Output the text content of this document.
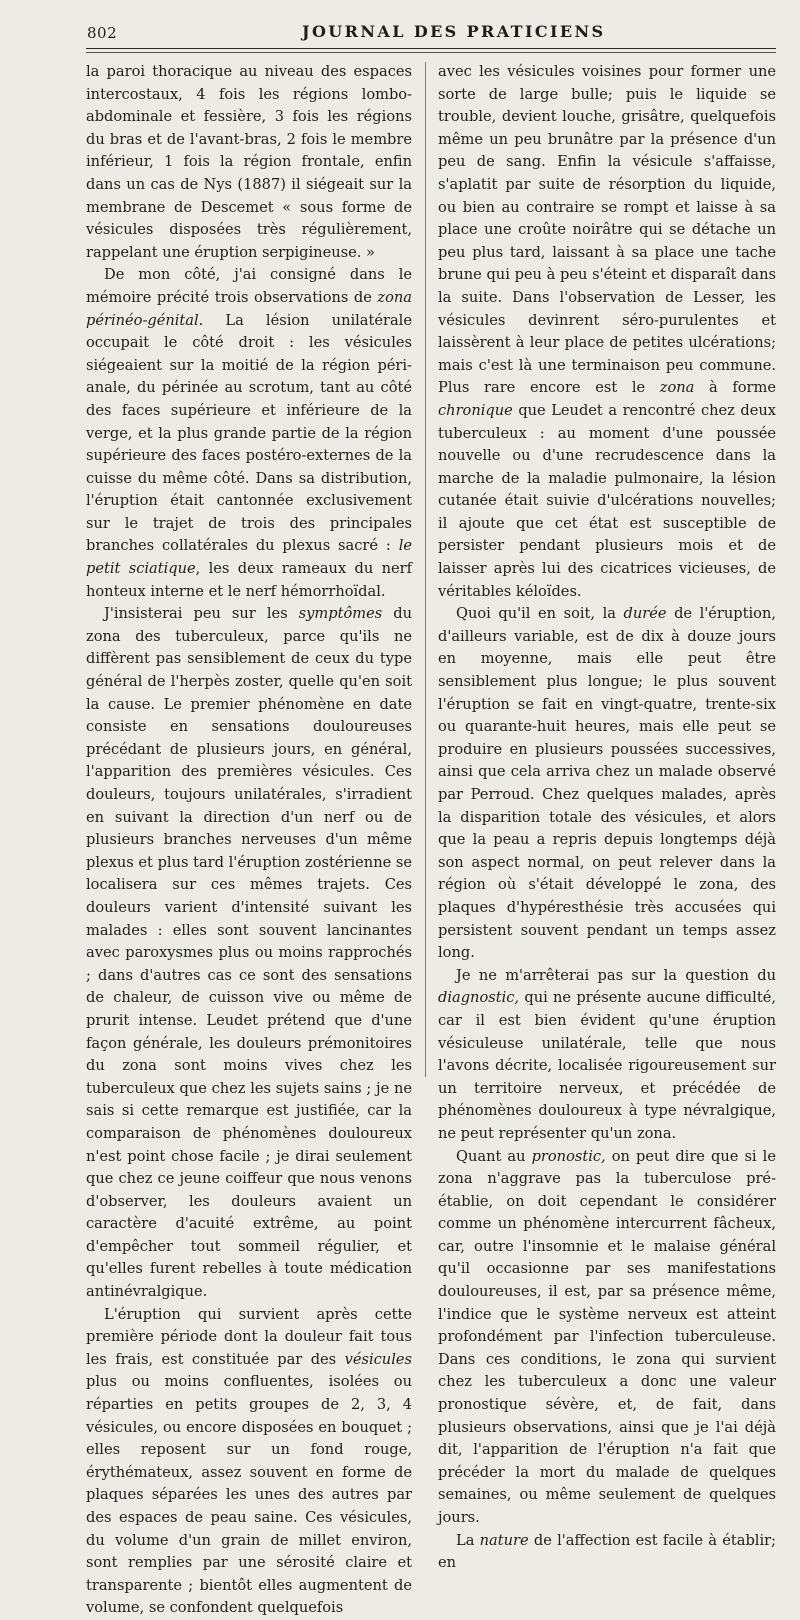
802	JOURNAL DES PRATICIENS

la paroi thoracique au niveau des espaces intercostaux, 4 fois les régions lombo-abdominale et fessière, 3 fois les régions du bras et de l'avant-bras, 2 fois le membre inférieur, 1 fois la région frontale, enfin dans un cas de Nys (1887) il siégeait sur la membrane de Descemet « sous forme de vésicules disposées très régulièrement, rappelant une éruption serpigineuse. »

De mon côté, j'ai consigné dans le mémoire précité trois observations de zona périnéo-génital. La lésion unilatérale occupait le côté droit : les vésicules siégeaient sur la moitié de la région péri-anale, du périnée au scrotum, tant au côté des faces supérieure et inférieure de la verge, et la plus grande partie de la région supérieure des faces postéro-externes de la cuisse du même côté. Dans sa distribution, l'éruption était cantonnée exclusivement sur le trajet de trois des principales branches collatérales du plexus sacré : le petit sciatique, les deux rameaux du nerf honteux interne et le nerf hémorrhoïdal.

J'insisterai peu sur les symptômes du zona des tuberculeux, parce qu'ils ne diffèrent pas sensiblement de ceux du type général de l'herpès zoster, quelle qu'en soit la cause. Le premier phénomène en date consiste en sensations douloureuses précédant de plusieurs jours, en général, l'apparition des premières vésicules. Ces douleurs, toujours unilatérales, s'irradient en suivant la direction d'un nerf ou de plusieurs branches nerveuses d'un même plexus et plus tard l'éruption zostérienne se localisera sur ces mêmes trajets. Ces douleurs varient d'intensité suivant les malades : elles sont souvent lancinantes avec paroxysmes plus ou moins rapprochés ; dans d'autres cas ce sont des sensations de chaleur, de cuisson vive ou même de prurit intense. Leudet prétend que d'une façon générale, les douleurs prémonitoires du zona sont moins vives chez les tuberculeux que chez les sujets sains ; je ne sais si cette remarque est justifiée, car la comparaison de phénomènes douloureux n'est point chose facile ; je dirai seulement que chez ce jeune coiffeur que nous venons d'observer, les douleurs avaient un caractère d'acuité extrême, au point d'empêcher tout sommeil régulier, et qu'elles furent rebelles à toute médication antinévralgique.

L'éruption qui survient après cette première période dont la douleur fait tous les frais, est constituée par des vésicules plus ou moins confluentes, isolées ou réparties en petits groupes de 2, 3, 4 vésicules, ou encore disposées en bouquet ; elles reposent sur un fond rouge, érythémateux, assez souvent en forme de plaques séparées les unes des autres par des espaces de peau saine. Ces vésicules, du volume d'un grain de millet environ, sont remplies par une sérosité claire et transparente ; bientôt elles augmentent de volume, se confondent quelquefois

avec les vésicules voisines pour former une sorte de large bulle; puis le liquide se trouble, devient louche, grisâtre, quelquefois même un peu brunâtre par la présence d'un peu de sang. Enfin la vésicule s'affaisse, s'aplatit par suite de résorption du liquide, ou bien au contraire se rompt et laisse à sa place une croûte noirâtre qui se détache un peu plus tard, laissant à sa place une tache brune qui peu à peu s'éteint et disparaît dans la suite. Dans l'observation de Lesser, les vésicules devinrent séro-purulentes et laissèrent à leur place de petites ulcérations; mais c'est là une terminaison peu commune. Plus rare encore est le zona à forme chronique que Leudet a rencontré chez deux tuberculeux : au moment d'une poussée nouvelle ou d'une recrudescence dans la marche de la maladie pulmonaire, la lésion cutanée était suivie d'ulcérations nouvelles; il ajoute que cet état est susceptible de persister pendant plusieurs mois et de laisser après lui des cicatrices vicieuses, de véritables kéloïdes.

Quoi qu'il en soit, la durée de l'éruption, d'ailleurs variable, est de dix à douze jours en moyenne, mais elle peut être sensiblement plus longue; le plus souvent l'éruption se fait en vingt-quatre, trente-six ou quarante-huit heures, mais elle peut se produire en plusieurs poussées successives, ainsi que cela arriva chez un malade observé par Perroud. Chez quelques malades, après la disparition totale des vésicules, et alors que la peau a repris depuis longtemps déjà son aspect normal, on peut relever dans la région où s'était développé le zona, des plaques d'hypéresthésie très accusées qui persistent souvent pendant un temps assez long.

Je ne m'arrêterai pas sur la question du diagnostic, qui ne présente aucune difficulté, car il est bien évident qu'une éruption vésiculeuse unilatérale, telle que nous l'avons décrite, localisée rigoureusement sur un territoire nerveux, et précédée de phénomènes douloureux à type névralgique, ne peut représenter qu'un zona.

Quant au pronostic, on peut dire que si le zona n'aggrave pas la tuberculose pré-établie, on doit cependant le considérer comme un phénomène intercurrent fâcheux, car, outre l'insomnie et le malaise général qu'il occasionne par ses manifestations douloureuses, il est, par sa présence même, l'indice que le système nerveux est atteint profondément par l'infection tuberculeuse. Dans ces conditions, le zona qui survient chez les tuberculeux a donc une valeur pronostique sévère, et, de fait, dans plusieurs observations, ainsi que je l'ai déjà dit, l'apparition de l'éruption n'a fait que précéder la mort du malade de quelques semaines, ou même seulement de quelques jours.

La nature de l'affection est facile à établir; en
